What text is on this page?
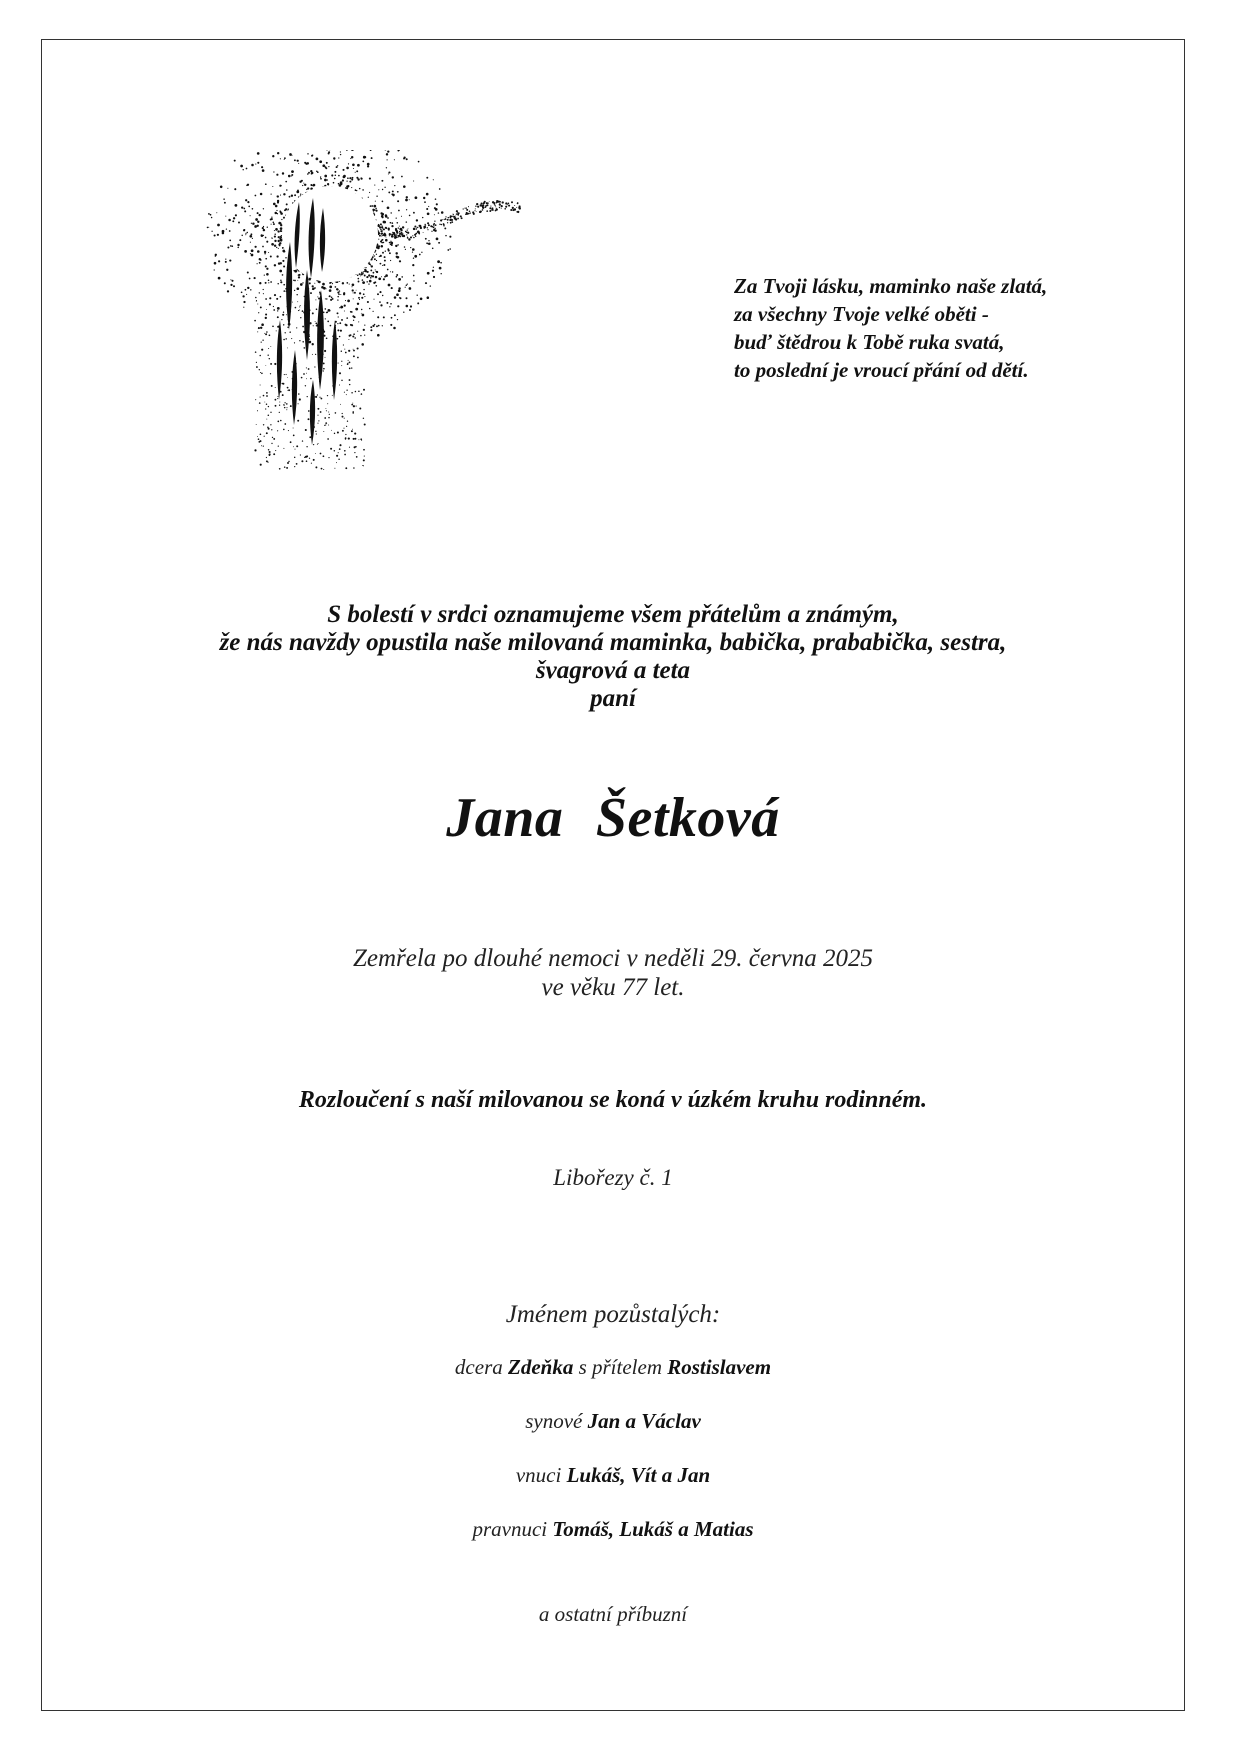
Za Tvoji lásku, maminko naše zlatá,
za všechny Tvoje velké oběti -
buď štědrou k Tobě ruka svatá,
to poslední je vroucí přání od dětí.
S bolestí v srdci oznamujeme všem přátelům a známým,
že nás navždy opustila naše milovaná maminka, babička, prababička, sestra,
švagrová a teta
paní
Jana Šetková
Zemřela po dlouhé nemoci v neděli 29. června 2025
ve věku 77 let.
Rozloučení s naší milovanou se koná v úzkém kruhu rodinném.
Libořezy č. 1
Jménem pozůstalých:
dcera Zdeňka s přítelem Rostislavem
synové Jan a Václav
vnuci Lukáš, Vít a Jan
pravnuci Tomáš, Lukáš a Matias
a ostatní příbuzní
